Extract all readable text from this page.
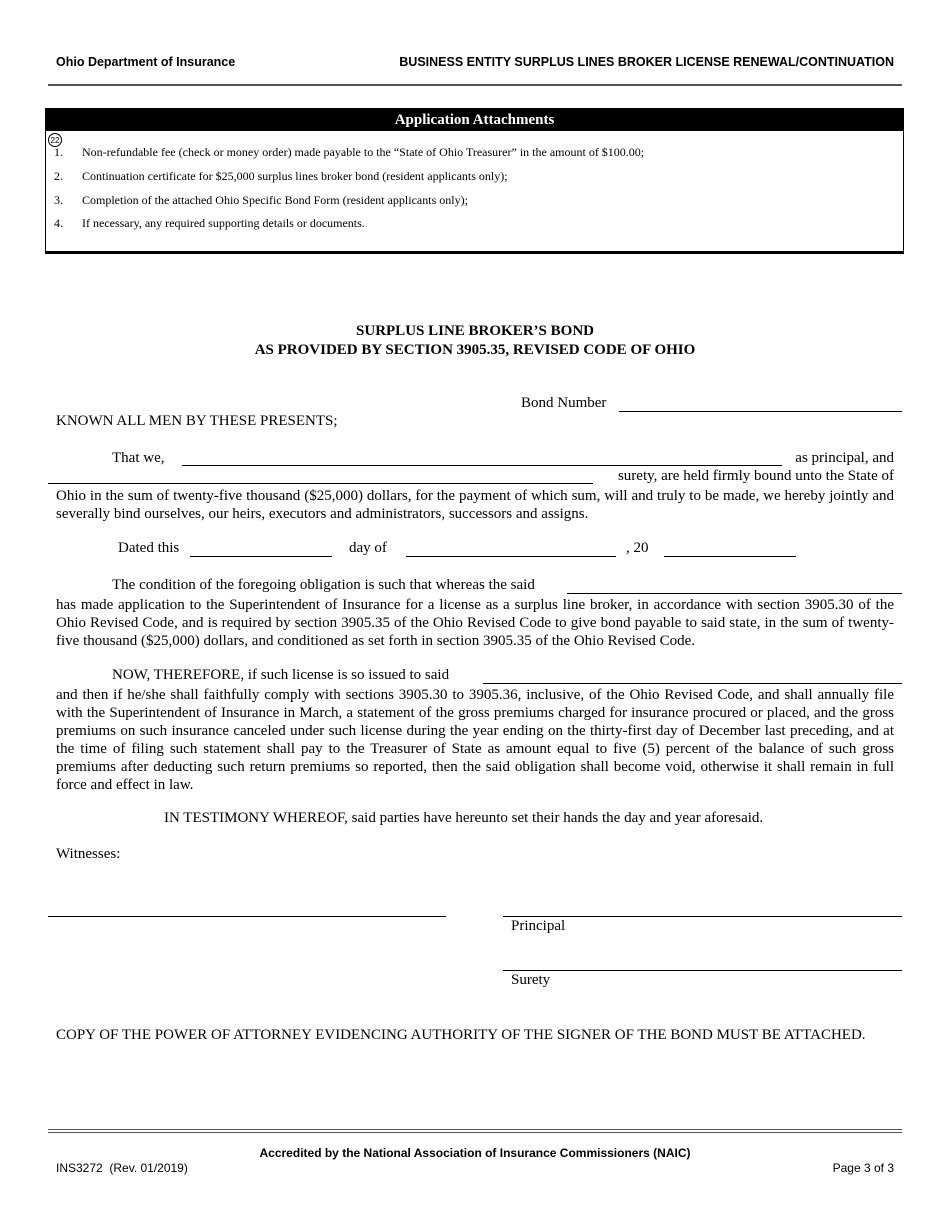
Ohio Department of Insurance	BUSINESS ENTITY SURPLUS LINES BROKER LICENSE RENEWAL/CONTINUATION
Application Attachments
22
1. Non-refundable fee (check or money order) made payable to the “State of Ohio Treasurer” in the amount of $100.00;
2. Continuation certificate for $25,000 surplus lines broker bond (resident applicants only);
3. Completion of the attached Ohio Specific Bond Form (resident applicants only);
4. If necessary, any required supporting details or documents.
SURPLUS LINE BROKER’S BOND
AS PROVIDED BY SECTION 3905.35, REVISED CODE OF OHIO
Bond Number
KNOWN ALL MEN BY THESE PRESENTS;
That we,	as principal, and
surety, are held firmly bound unto the State of
Ohio in the sum of twenty-five thousand ($25,000) dollars, for the payment of which sum, will and truly to be made, we hereby jointly and severally bind ourselves, our heirs, executors and administrators, successors and assigns.
Dated this	day of	, 20
The condition of the foregoing obligation is such that whereas the said
has made application to the Superintendent of Insurance for a license as a surplus line broker, in accordance with section 3905.30 of the Ohio Revised Code, and is required by section 3905.35 of the Ohio Revised Code to give bond payable to said state, in the sum of twenty-five thousand ($25,000) dollars, and conditioned as set forth in section 3905.35 of the Ohio Revised Code.
NOW, THEREFORE, if such license is so issued to said
and then if he/she shall faithfully comply with sections 3905.30 to 3905.36, inclusive, of the Ohio Revised Code, and shall annually file with the Superintendent of Insurance in March, a statement of the gross premiums charged for insurance procured or placed, and the gross premiums on such insurance canceled under such license during the year ending on the thirty-first day of December last preceding, and at the time of filing such statement shall pay to the Treasurer of State as amount equal to five (5) percent of the balance of such gross premiums after deducting such return premiums so reported, then the said obligation shall become void, otherwise it shall remain in full force and effect in law.
IN TESTIMONY WHEREOF, said parties have hereunto set their hands the day and year aforesaid.
Witnesses:
Principal
Surety
COPY OF THE POWER OF ATTORNEY EVIDENCING AUTHORITY OF THE SIGNER OF THE BOND MUST BE ATTACHED.
Accredited by the National Association of Insurance Commissioners (NAIC)
INS3272  (Rev. 01/2019)	Page 3 of 3
